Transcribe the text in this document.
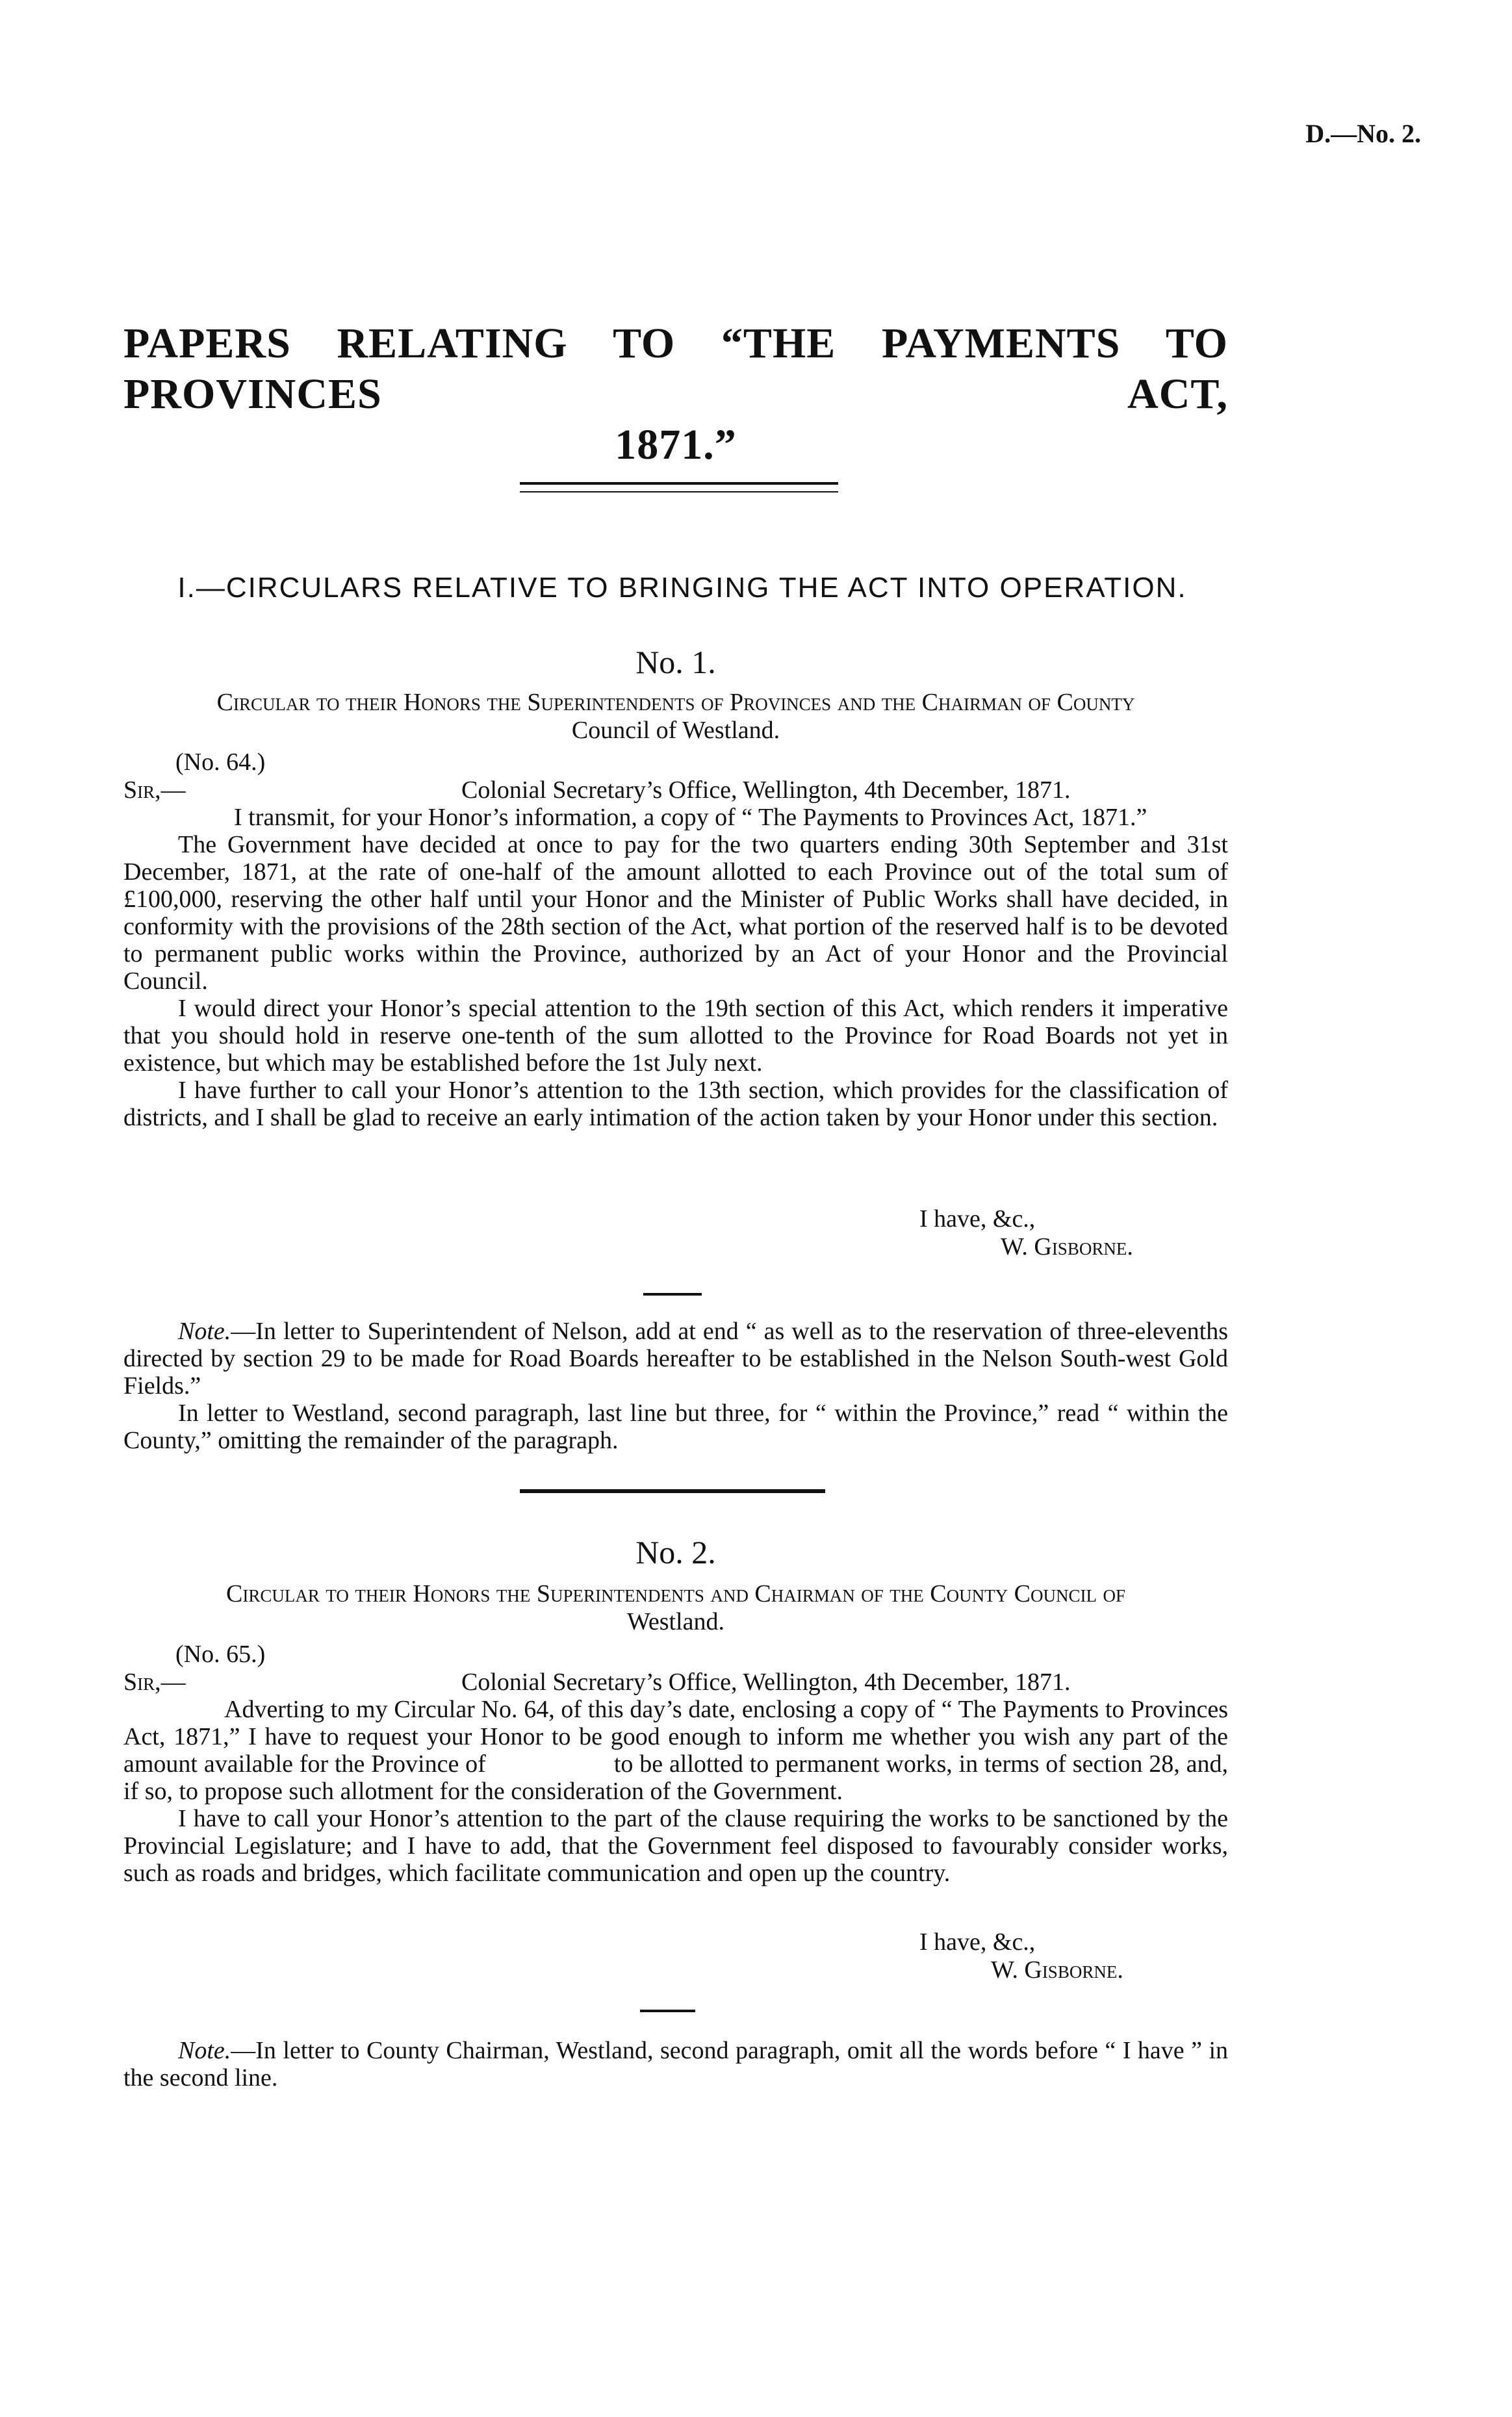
D.—No. 2.
PAPERS RELATING TO “THE PAYMENTS TO PROVINCES ACT,
1871.”
I.—CIRCULARS RELATIVE TO BRINGING THE ACT INTO OPERATION.
No. 1.
Circular to their Honors the Superintendents of Provinces and the Chairman of County
Council of Westland.
(No. 64.)
Sir,—	Colonial Secretary’s Office, Wellington, 4th December, 1871.

I transmit, for your Honor’s information, a copy of “ The Payments to Provinces Act, 1871.”

The Government have decided at once to pay for the two quarters ending 30th September and 31st December, 1871, at the rate of one-half of the amount allotted to each Province out of the total sum of £100,000, reserving the other half until your Honor and the Minister of Public Works shall have decided, in conformity with the provisions of the 28th section of the Act, what portion of the reserved half is to be devoted to permanent public works within the Province, authorized by an Act of your Honor and the Provincial Council.

I would direct your Honor’s special attention to the 19th section of this Act, which renders it imperative that you should hold in reserve one-tenth of the sum allotted to the Province for Road Boards not yet in existence, but which may be established before the 1st July next.

I have further to call your Honor’s attention to the 13th section, which provides for the classification of districts, and I shall be glad to receive an early intimation of the action taken by your Honor under this section.

I have, &c.,
W. Gisborne.

Note.—In letter to Superintendent of Nelson, add at end “ as well as to the reservation of three-elevenths directed by section 29 to be made for Road Boards hereafter to be established in the Nelson South-west Gold Fields.”

In letter to Westland, second paragraph, last line but three, for “ within the Province,” read “ within the County,” omitting the remainder of the paragraph.

No. 2.
Circular to their Honors the Superintendents and Chairman of the County Council of
Westland.
(No. 65.)
Sir,—	Colonial Secretary’s Office, Wellington, 4th December, 1871.

Adverting to my Circular No. 64, of this day’s date, enclosing a copy of “ The Payments to Provinces Act, 1871,” I have to request your Honor to be good enough to inform me whether you wish any part of the amount available for the Province of                    to be allotted to permanent works, in terms of section 28, and, if so, to propose such allotment for the consideration of the Government.

I have to call your Honor’s attention to the part of the clause requiring the works to be sanctioned by the Provincial Legislature; and I have to add, that the Government feel disposed to favourably consider works, such as roads and bridges, which facilitate communication and open up the country.

I have, &c.,
W. Gisborne.

Note.—In letter to County Chairman, Westland, second paragraph, omit all the words before “ I have ” in the second line.
